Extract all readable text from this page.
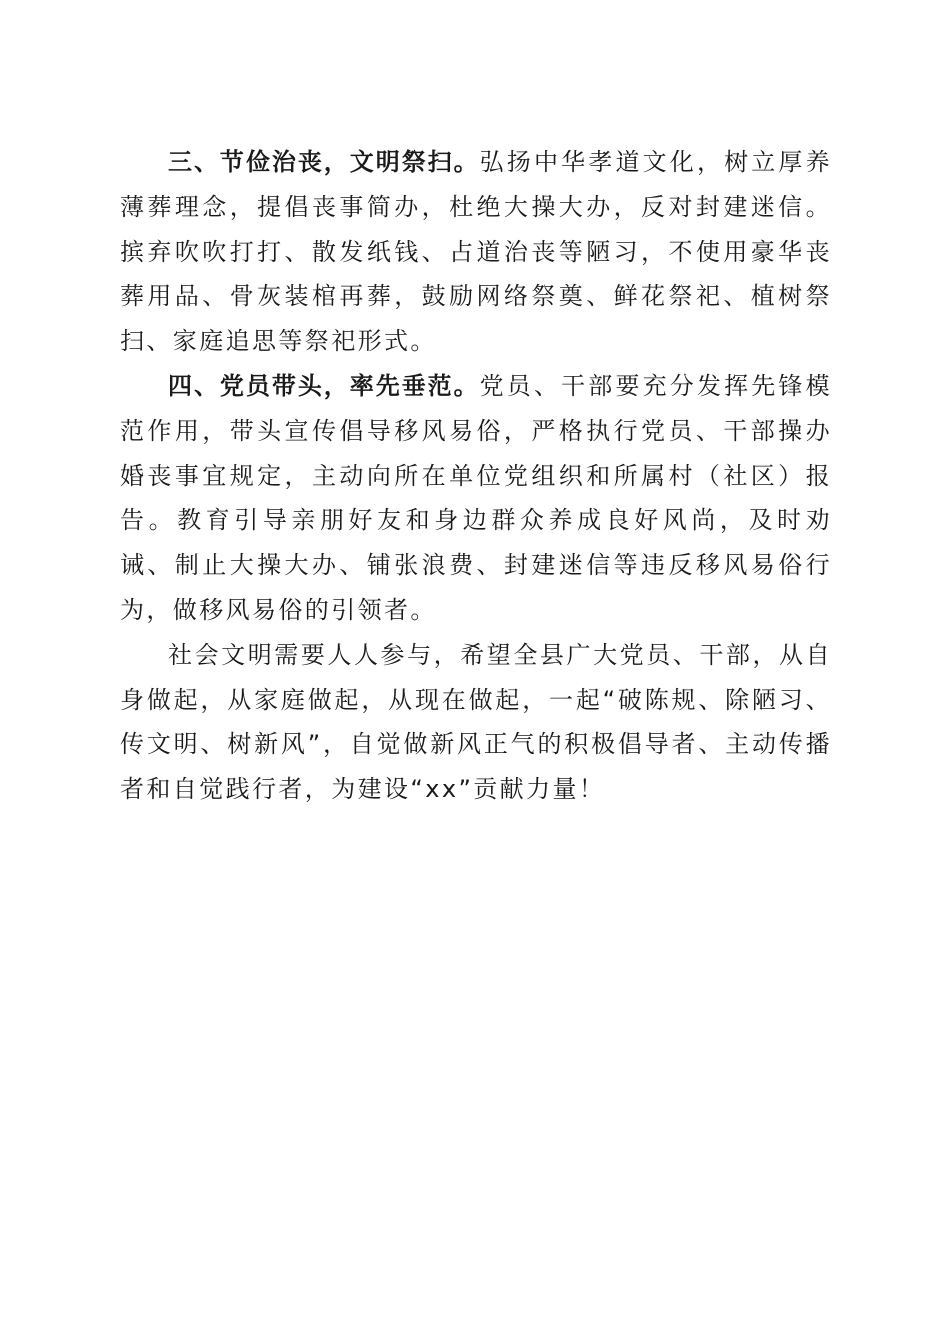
三、节俭治丧，文明祭扫。弘扬中华孝道文化，树立厚养薄葬理念，提倡丧事简办，杜绝大操大办，反对封建迷信。摈弃吹吹打打、散发纸钱、占道治丧等陋习，不使用豪华丧葬用品、骨灰装棺再葬，鼓励网络祭奠、鲜花祭祀、植树祭扫、家庭追思等祭祀形式。

四、党员带头，率先垂范。党员、干部要充分发挥先锋模范作用，带头宣传倡导移风易俗，严格执行党员、干部操办婚丧事宜规定，主动向所在单位党组织和所属村（社区）报告。教育引导亲朋好友和身边群众养成良好风尚，及时劝诫、制止大操大办、铺张浪费、封建迷信等违反移风易俗行为，做移风易俗的引领者。

社会文明需要人人参与，希望全县广大党员、干部，从自身做起，从家庭做起，从现在做起，一起“破陈规、除陋习、传文明、树新风”，自觉做新风正气的积极倡导者、主动传播者和自觉践行者，为建设“xx”贡献力量！
